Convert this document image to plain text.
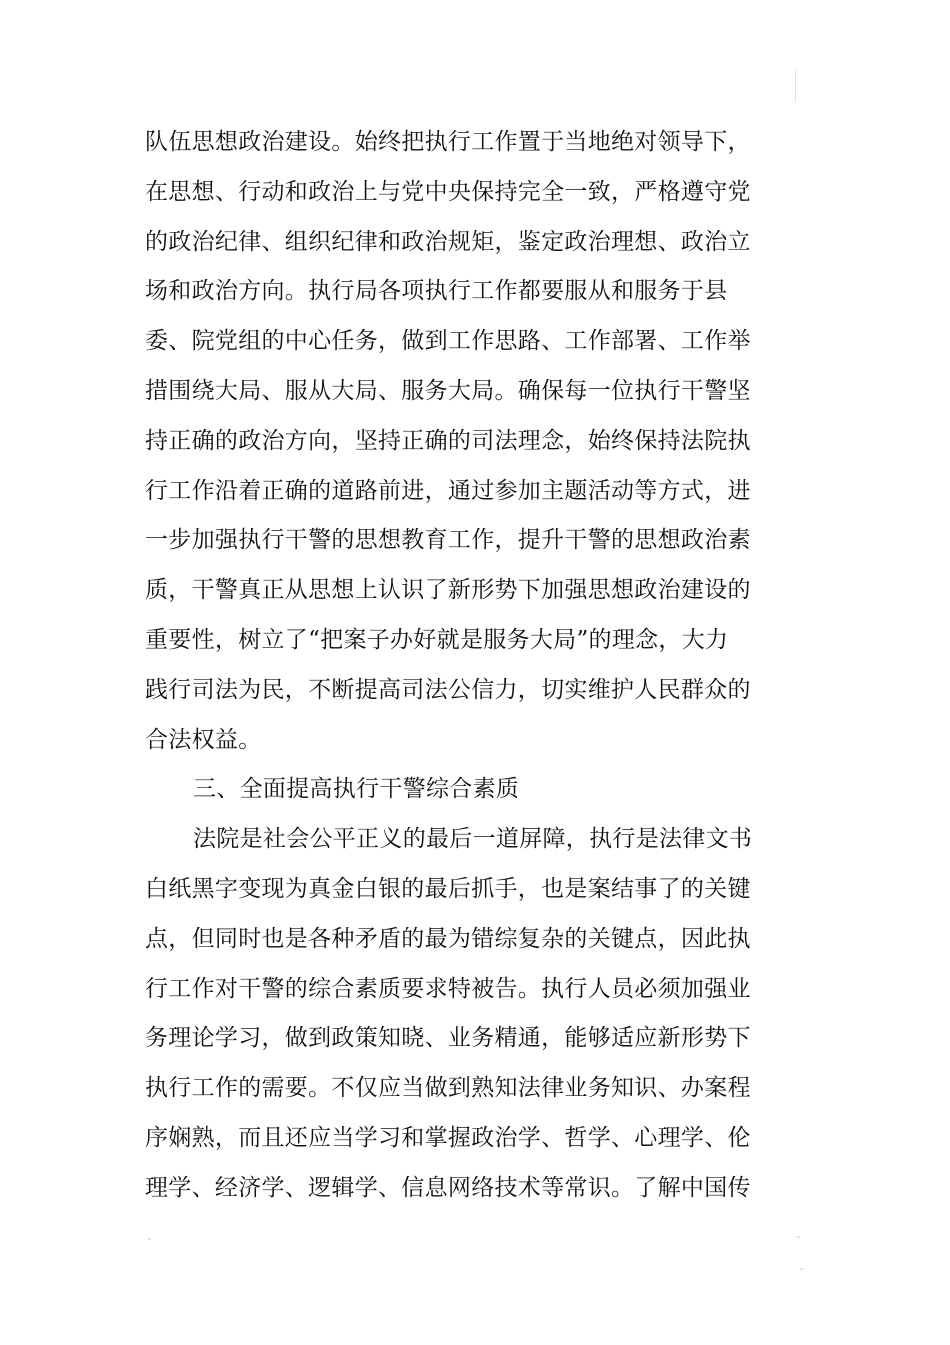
队伍思想政治建设。始终把执行工作置于当地绝对领导下，
在思想、行动和政治上与党中央保持完全一致，严格遵守党
的政治纪律、组织纪律和政治规矩，鉴定政治理想、政治立
场和政治方向。执行局各项执行工作都要服从和服务于县
委、院党组的中心任务，做到工作思路、工作部署、工作举
措围绕大局、服从大局、服务大局。确保每一位执行干警坚
持正确的政治方向，坚持正确的司法理念，始终保持法院执
行工作沿着正确的道路前进，通过参加主题活动等方式，进
一步加强执行干警的思想教育工作，提升干警的思想政治素
质，干警真正从思想上认识了新形势下加强思想政治建设的
重要性，树立了“把案子办好就是服务大局”的理念，大力
践行司法为民，不断提高司法公信力，切实维护人民群众的
合法权益。
三、全面提高执行干警综合素质
法院是社会公平正义的最后一道屏障，执行是法律文书
白纸黑字变现为真金白银的最后抓手，也是案结事了的关键
点，但同时也是各种矛盾的最为错综复杂的关键点，因此执
行工作对干警的综合素质要求特被告。执行人员必须加强业
务理论学习，做到政策知晓、业务精通，能够适应新形势下
执行工作的需要。不仅应当做到熟知法律业务知识、办案程
序娴熟，而且还应当学习和掌握政治学、哲学、心理学、伦
理学、经济学、逻辑学、信息网络技术等常识。了解中国传
